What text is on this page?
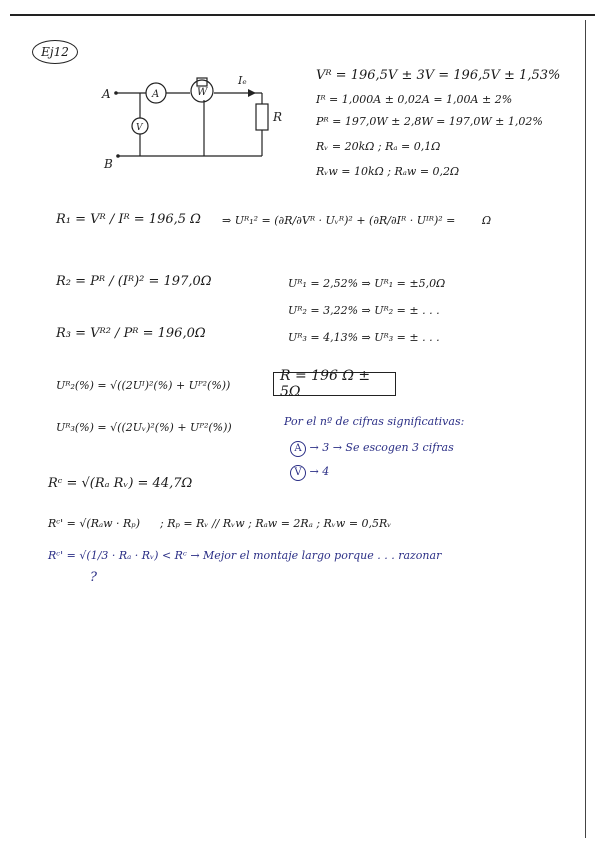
Ej12
A
B
A	W
V
R
Iₑ	Vᴿ = 196,5V ± 3V = 196,5V ± 1,53%
Iᴿ = 1,000A ± 0,02A = 1,00A ± 2%
Pᴿ = 197,0W ± 2,8W = 197,0W ± 1,02%
Rᵥ = 20kΩ ; Rₐ = 0,1Ω
Rᵥw = 10kΩ ; Rₐw = 0,2Ω
R₁ = Vᴿ / Iᴿ = 196,5 Ω ⇒ Uᴿ₁² = (∂R/∂Vᴿ · Uᵥᴿ)² + (∂R/∂Iᴿ · Uᴵᴿ)² = Ω
R₂ = Pᴿ / (Iᴿ)² = 197,0Ω
R₃ = Vᴿ² / Pᴿ = 196,0Ω
Uᴿ₁ = 2,52% ⇒ Uᴿ₁ = ±5,0Ω
Uᴿ₂ = 3,22% ⇒ Uᴿ₂ = ± . . .
Uᴿ₃ = 4,13% ⇒ Uᴿ₃ = ± . . .
Uᴿ₂(%) = √((2Uᴵ)²(%) + Uᴾ²(%))
Uᴿ₃(%) = √((2Uᵥ)²(%) + Uᴾ²(%))
R = 196 Ω ± 5Ω
Por el nº de cifras significativas:
A → 3 → Se escogen 3 cifras
V → 4
Rᶜ = √(Rₐ Rᵥ) = 44,7Ω
Rᶜ' = √(Rₐw · Rₚ) ; Rₚ = Rᵥ // Rᵥw ; Rₐw = 2Rₐ ; Rᵥw = 0,5Rᵥ
Rᶜ' = √(1/3 · Rₐ · Rᵥ) < Rᶜ → Mejor el montaje largo porque . . . razonar
?
